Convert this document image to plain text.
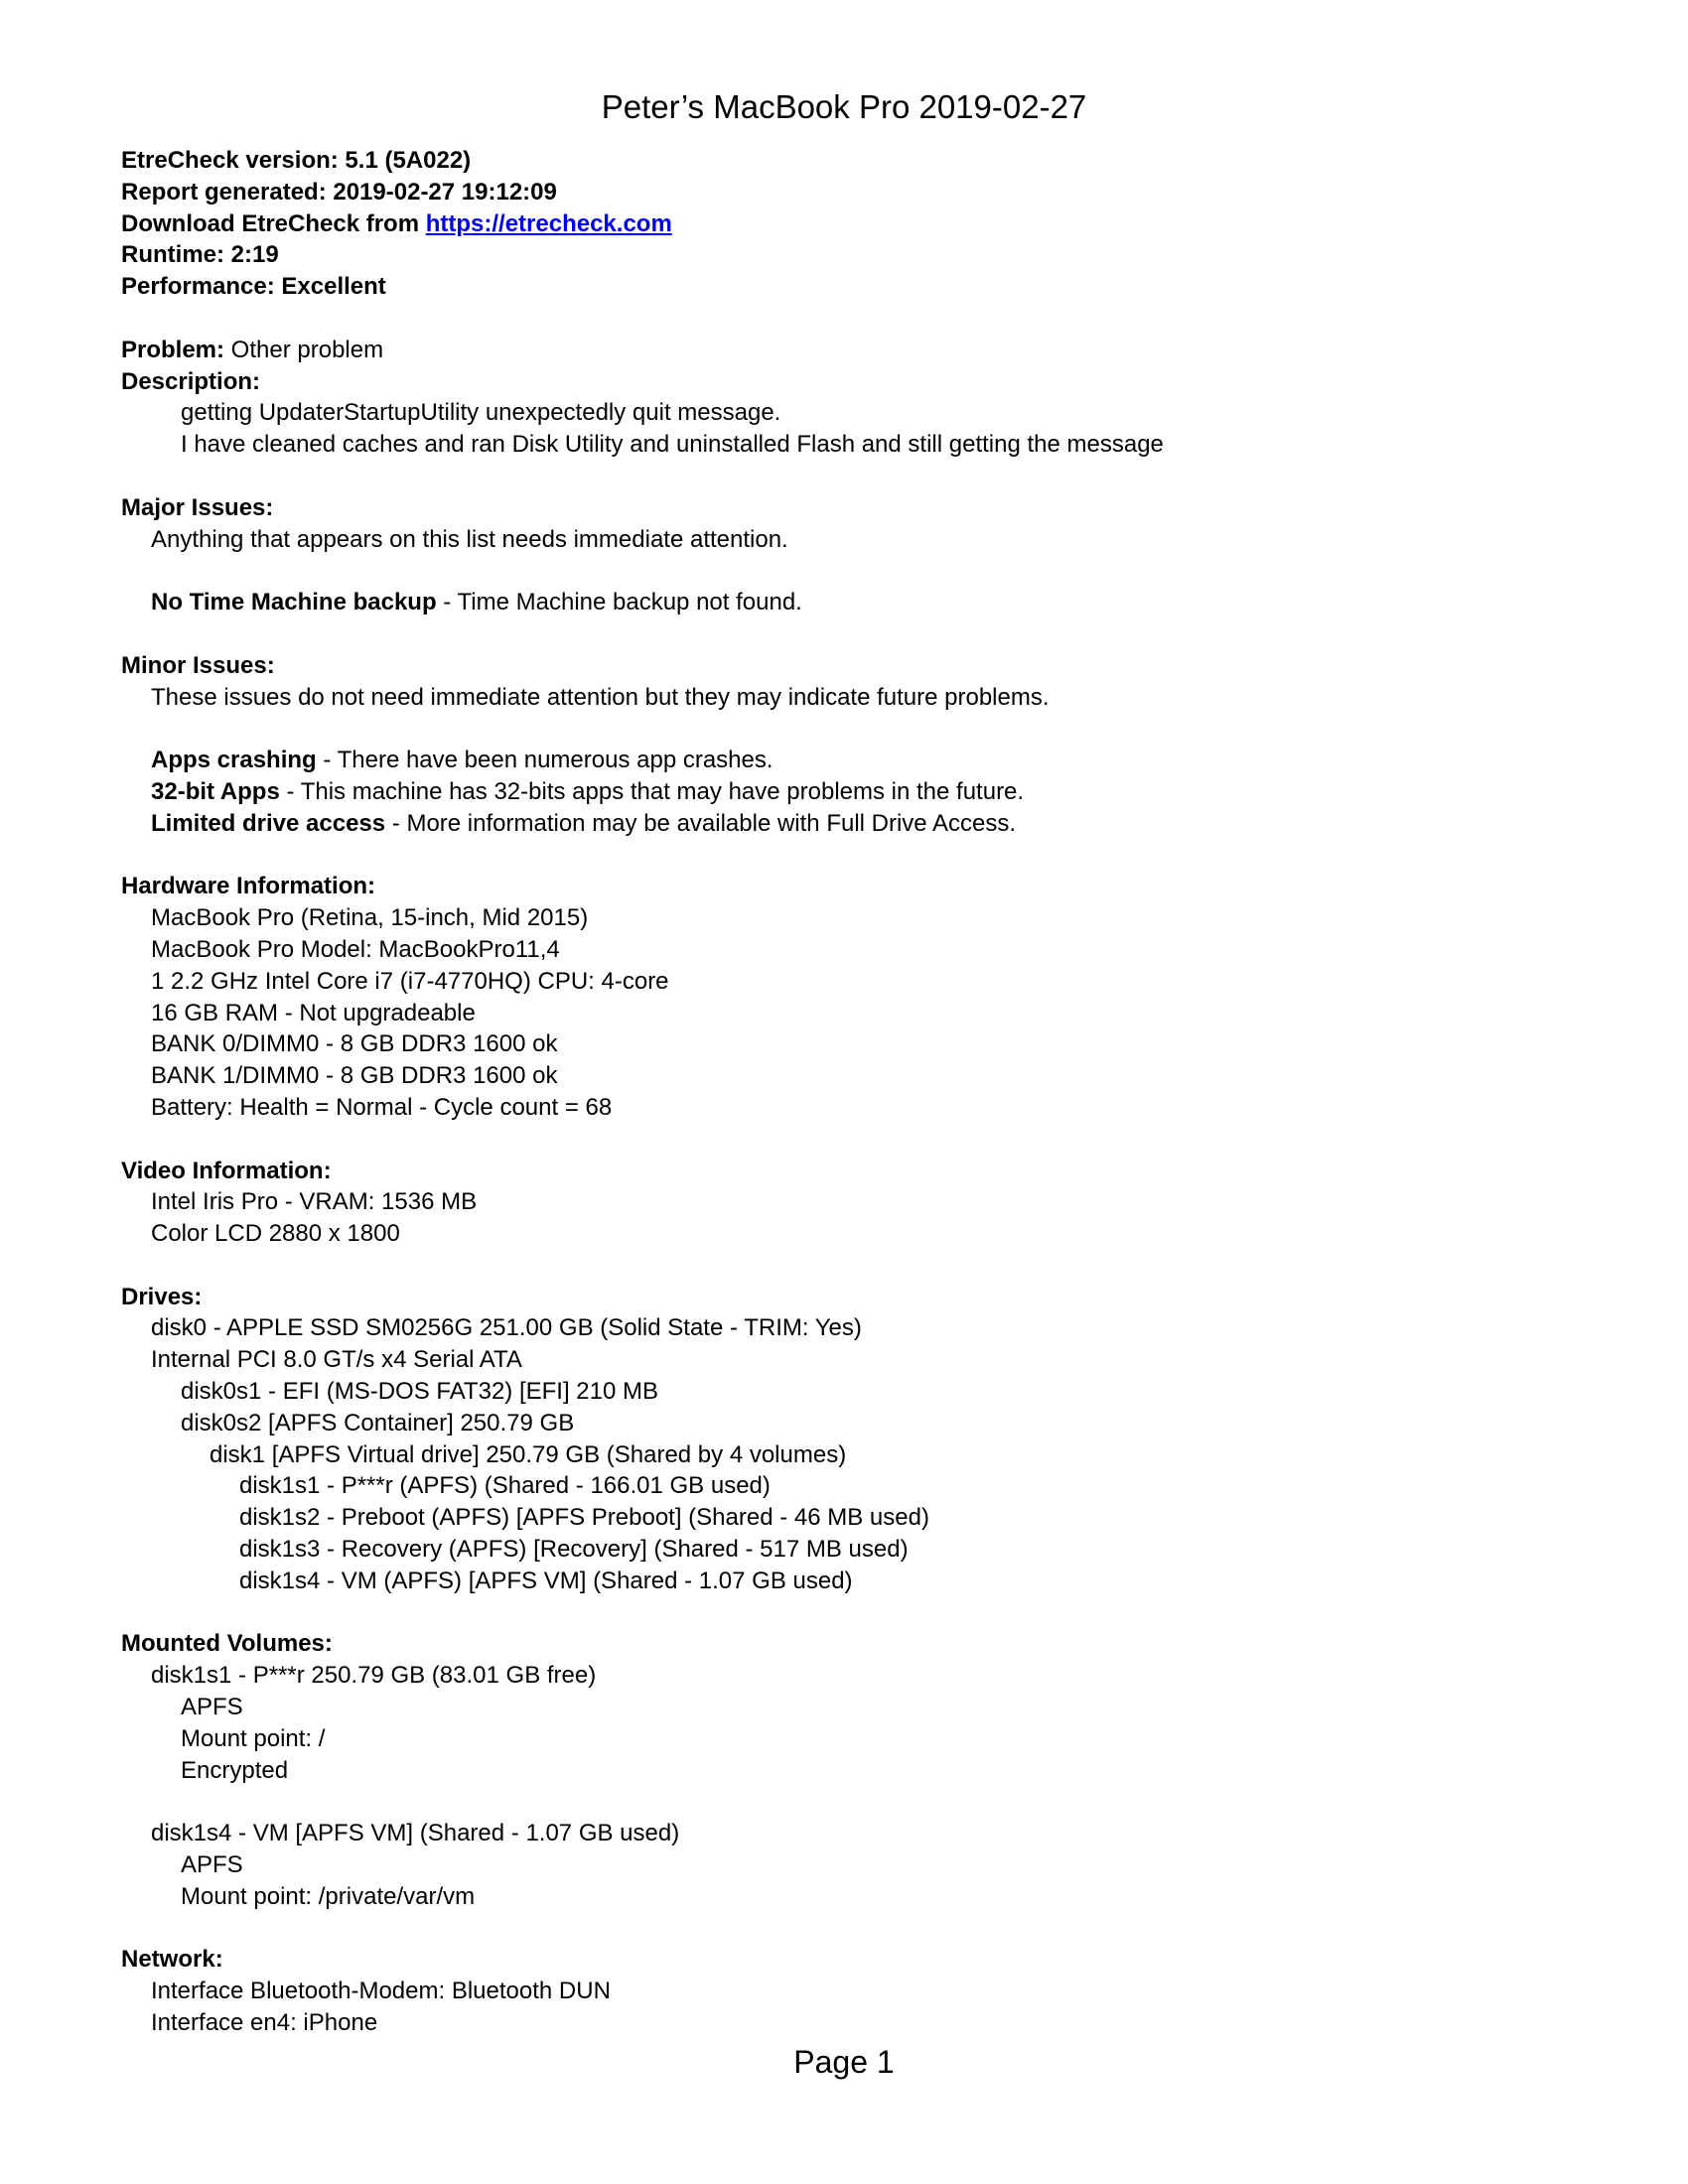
Peter’s MacBook Pro 2019-02-27
EtreCheck version: 5.1 (5A022)
Report generated: 2019-02-27 19:12:09
Download EtreCheck from https://etrecheck.com
Runtime: 2:19
Performance: Excellent
Problem: Other problem
Description:
getting UpdaterStartupUtility unexpectedly quit message.
I have cleaned caches and ran Disk Utility and uninstalled Flash and still getting the message
Major Issues:
Anything that appears on this list needs immediate attention.
No Time Machine backup - Time Machine backup not found.
Minor Issues:
These issues do not need immediate attention but they may indicate future problems.
Apps crashing - There have been numerous app crashes.
32-bit Apps - This machine has 32-bits apps that may have problems in the future.
Limited drive access - More information may be available with Full Drive Access.
Hardware Information:
MacBook Pro (Retina, 15-inch, Mid 2015)
MacBook Pro Model: MacBookPro11,4
1 2.2 GHz Intel Core i7 (i7-4770HQ) CPU: 4-core
16 GB RAM - Not upgradeable
BANK 0/DIMM0 - 8 GB DDR3 1600 ok
BANK 1/DIMM0 - 8 GB DDR3 1600 ok
Battery: Health = Normal - Cycle count = 68
Video Information:
Intel Iris Pro - VRAM: 1536 MB
Color LCD 2880 x 1800
Drives:
disk0 - APPLE SSD SM0256G 251.00 GB (Solid State - TRIM: Yes)
Internal PCI 8.0 GT/s x4 Serial ATA
disk0s1 - EFI (MS-DOS FAT32) [EFI] 210 MB
disk0s2 [APFS Container] 250.79 GB
disk1 [APFS Virtual drive] 250.79 GB (Shared by 4 volumes)
disk1s1 - P***r (APFS) (Shared - 166.01 GB used)
disk1s2 - Preboot (APFS) [APFS Preboot] (Shared - 46 MB used)
disk1s3 - Recovery (APFS) [Recovery] (Shared - 517 MB used)
disk1s4 - VM (APFS) [APFS VM] (Shared - 1.07 GB used)
Mounted Volumes:
disk1s1 - P***r 250.79 GB (83.01 GB free)
APFS
Mount point: /
Encrypted
disk1s4 - VM [APFS VM] (Shared - 1.07 GB used)
APFS
Mount point: /private/var/vm
Network:
Interface Bluetooth-Modem: Bluetooth DUN
Interface en4: iPhone
Page 1
